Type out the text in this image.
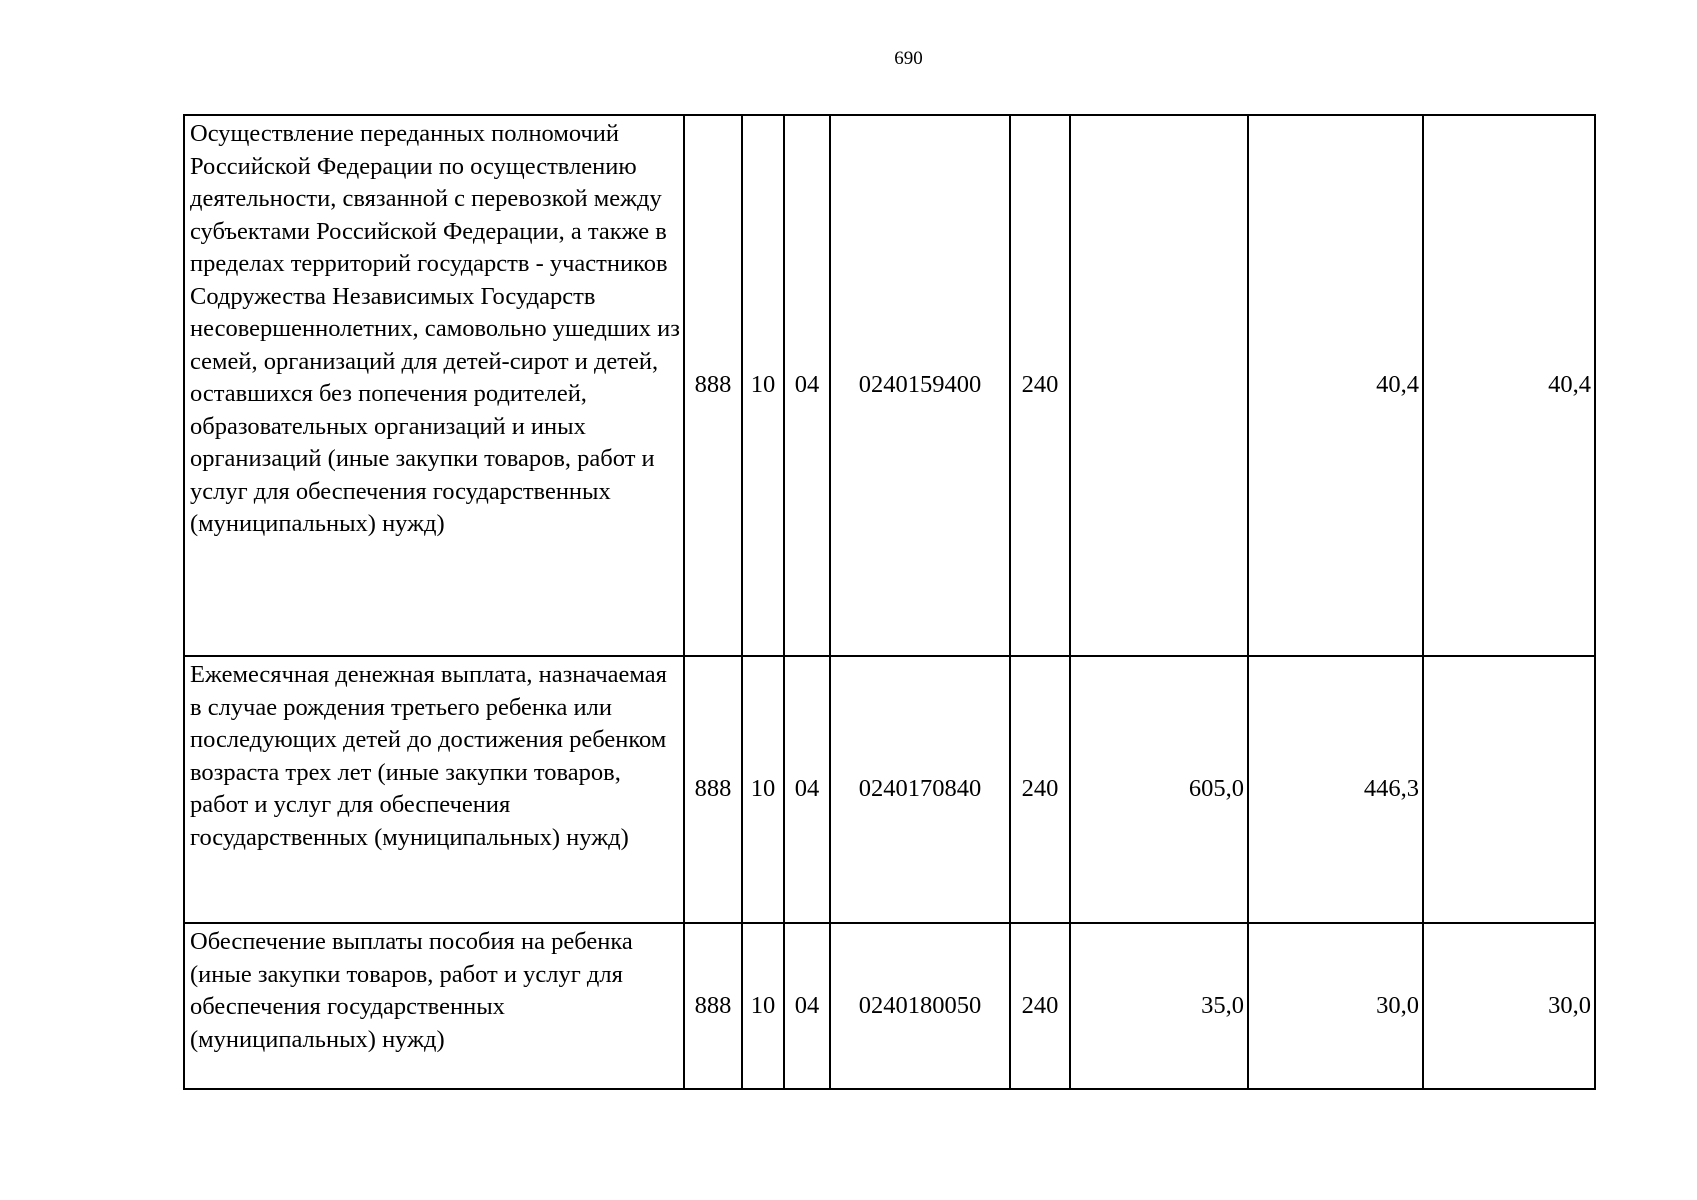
690
Осуществление переданных полномочий Российской Федерации по осуществлению деятельности, связанной с перевозкой между субъектами Российской Федерации, а также в пределах территорий государств - участников Содружества Независимых Государств несовершеннолетних, самовольно ушедших из семей, организаций для детей-сирот и детей, оставшихся без попечения родителей, образовательных организаций и иных организаций (иные закупки товаров, работ и услуг для обеспечения государственных (муниципальных) нужд)	888	10	04	0240159400	240		40,4	40,4
Ежемесячная денежная выплата, назначаемая в случае рождения третьего ребенка или последующих детей до достижения ребенком возраста трех лет (иные закупки товаров, работ и услуг для обеспечения государственных (муниципальных) нужд)	888	10	04	0240170840	240	605,0	446,3	
Обеспечение выплаты пособия на ребенка (иные закупки товаров, работ и услуг для обеспечения государственных (муниципальных) нужд)	888	10	04	0240180050	240	35,0	30,0	30,0
